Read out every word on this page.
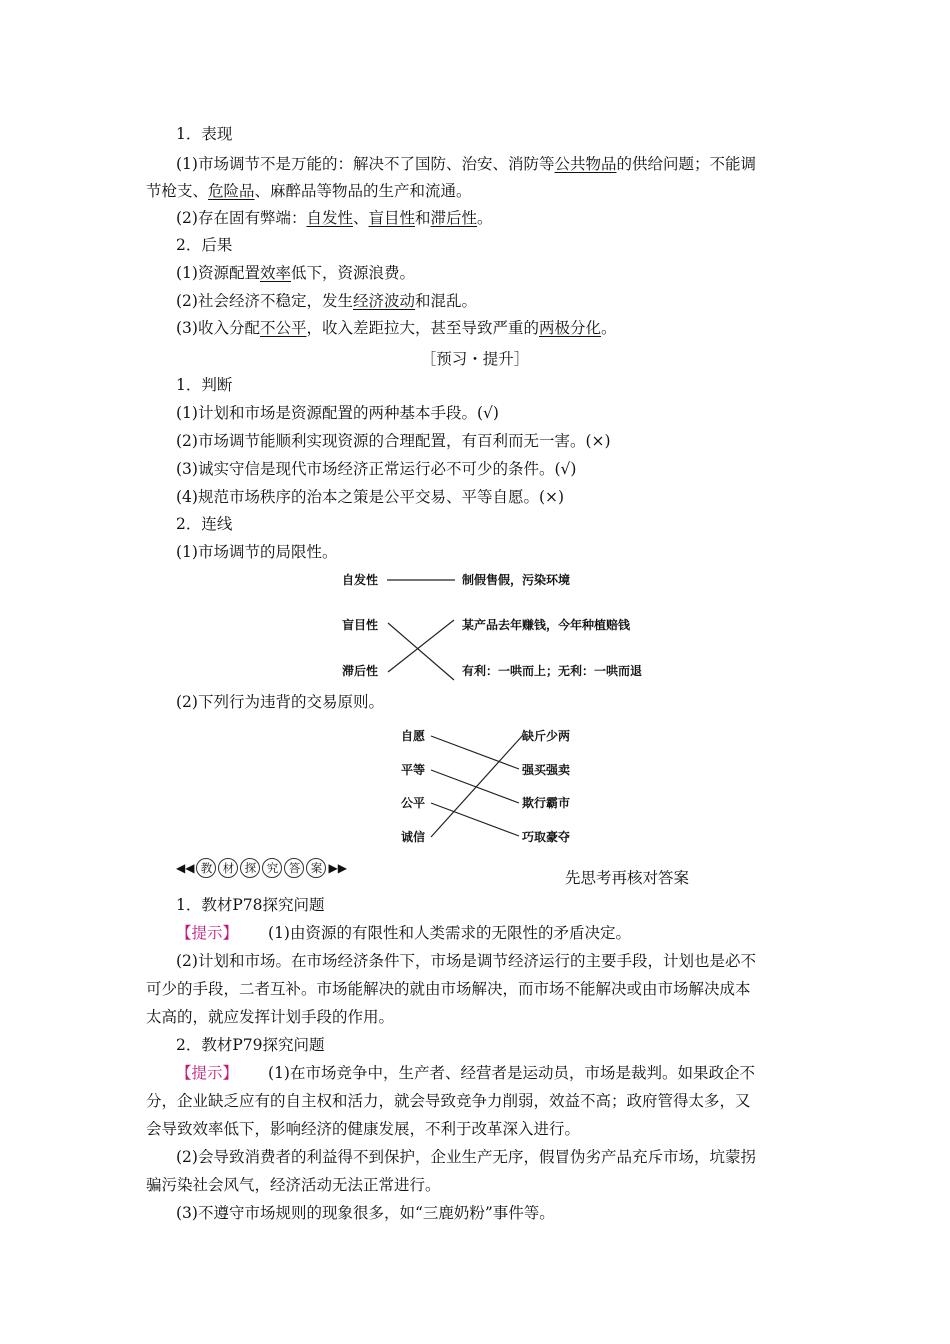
1．表现
(1)市场调节不是万能的：解决不了国防、治安、消防等公共物品的供给问题；不能调
节枪支、危险品、麻醉品等物品的生产和流通。
(2)存在固有弊端：自发性、盲目性和滞后性。
2．后果
(1)资源配置效率低下，资源浪费。
(2)社会经济不稳定，发生经济波动和混乱。
(3)收入分配不公平，收入差距拉大，甚至导致严重的两极分化。
［预习・提升］
1．判断
(1)计划和市场是资源配置的两种基本手段。(√)
(2)市场调节能顺利实现资源的合理配置，有百利而无一害。(×)
(3)诚实守信是现代市场经济正常运行必不可少的条件。(√)
(4)规范市场秩序的治本之策是公平交易、平等自愿。(×)
2．连线
(1)市场调节的局限性。
自发性
盲目性
滞后性
制假售假，污染环境
某产品去年赚钱，今年种植赔钱
有利：一哄而上；无利：一哄而退
(2)下列行为违背的交易原则。
自愿
平等
公平
诚信
缺斤少两
强买强卖
欺行霸市
巧取豪夺
◀◀ 教 材 探 究 答 案 ▶▶
先思考再核对答案
1．教材P78探究问题
【提示】 (1)由资源的有限性和人类需求的无限性的矛盾决定。
(2)计划和市场。在市场经济条件下，市场是调节经济运行的主要手段，计划也是必不
可少的手段，二者互补。市场能解决的就由市场解决，而市场不能解决或由市场解决成本
太高的，就应发挥计划手段的作用。
2．教材P79探究问题
【提示】 (1)在市场竞争中，生产者、经营者是运动员，市场是裁判。如果政企不
分，企业缺乏应有的自主权和活力，就会导致竞争力削弱，效益不高；政府管得太多，又
会导致效率低下，影响经济的健康发展，不利于改革深入进行。
(2)会导致消费者的利益得不到保护，企业生产无序，假冒伪劣产品充斥市场，坑蒙拐
骗污染社会风气，经济活动无法正常进行。
(3)不遵守市场规则的现象很多，如“三鹿奶粉”事件等。
